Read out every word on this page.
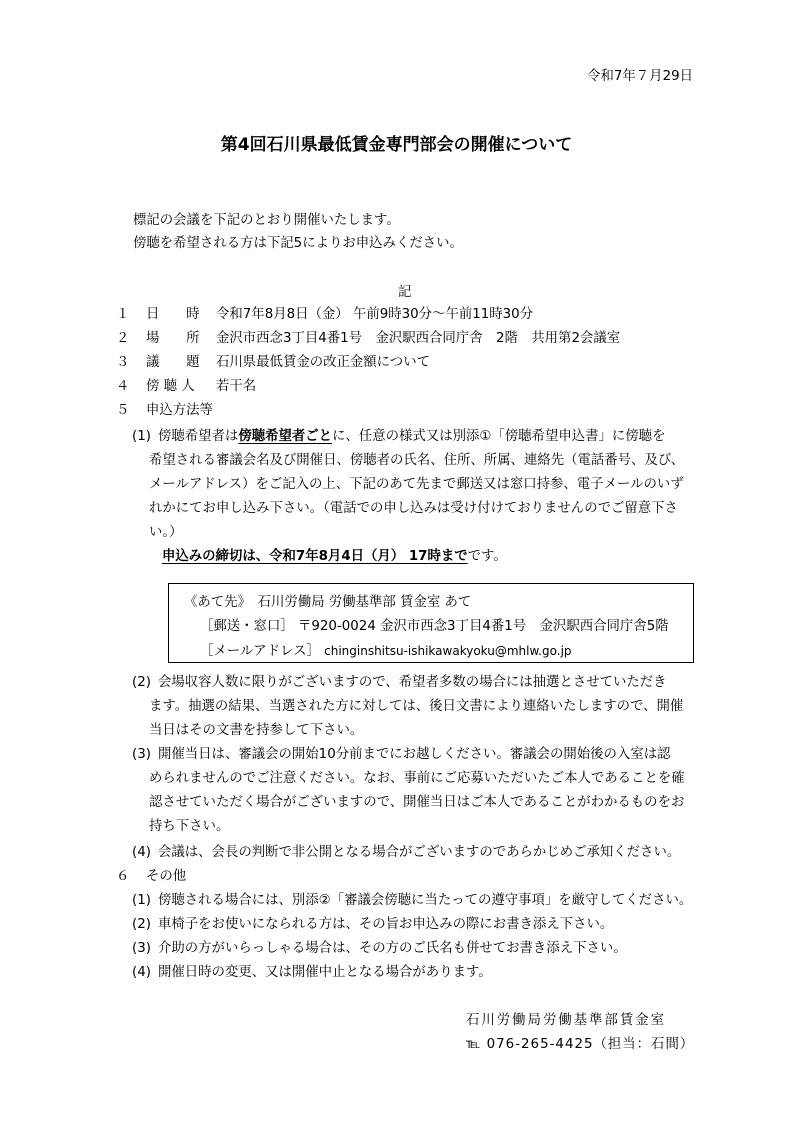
令和7年７月29日
第4回石川県最低賃金専門部会の開催について
標記の会議を下記のとおり開催いたします。
傍聴を希望される方は下記5によりお申込みください。
記
１ 日　　時 令和7年8月8日（金） 午前9時30分～午前11時30分
２ 場　　所 金沢市西念3丁目4番1号　金沢駅西合同庁舎　2階　共用第2会議室
３ 議　　題 石川県最低賃金の改正金額について
４ 傍 聴 人 若干名
５ 申込方法等
(1) 傍聴希望者は傍聴希望者ごとに、任意の様式又は別添①「傍聴希望申込書」に傍聴を
希望される審議会名及び開催日、傍聴者の氏名、住所、所属、連絡先（電話番号、及び、
メールアドレス）をご記入の上、下記のあて先まで郵送又は窓口持参、電子メールのいず
れかにてお申し込み下さい。（電話での申し込みは受け付けておりませんのでご留意下さ
い。）
申込みの締切は、令和7年8月4日（月） 17時までです。
《あて先》　石川労働局 労働基準部 賃金室 あて
［郵送・窓口］ 〒920-0024 金沢市西念3丁目4番1号　金沢駅西合同庁舎5階
［メールアドレス］ chinginshitsu-ishikawakyoku@mhlw.go.jp
(2) 会場収容人数に限りがございますので、希望者多数の場合には抽選とさせていただき
ます。抽選の結果、当選された方に対しては、後日文書により連絡いたしますので、開催
当日はその文書を持参して下さい。
(3) 開催当日は、審議会の開始10分前までにお越しください。審議会の開始後の入室は認
められませんのでご注意ください。なお、事前にご応募いただいたご本人であることを確
認させていただく場合がございますので、開催当日はご本人であることがわかるものをお
持ち下さい。
(4) 会議は、会長の判断で非公開となる場合がございますのであらかじめご承知ください。
６ その他
(1) 傍聴される場合には、別添②「審議会傍聴に当たっての遵守事項」を厳守してください。
(2) 車椅子をお使いになられる方は、その旨お申込みの際にお書き添え下さい。
(3) 介助の方がいらっしゃる場合は、その方のご氏名も併せてお書き添え下さい。
(4) 開催日時の変更、又は開催中止となる場合があります。
石川労働局労働基準部賃金室
℡ 076-265-4425（担当：石間）
